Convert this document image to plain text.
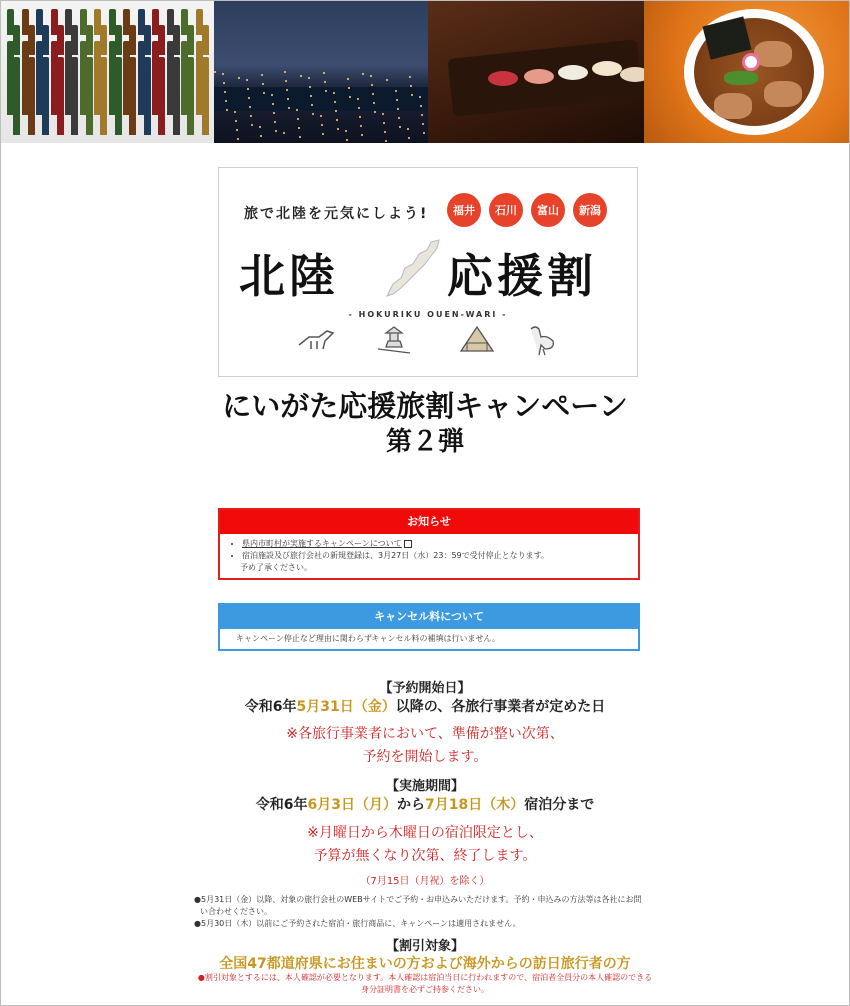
旅で北陸を元気にしよう!	福井	石川	富山	新潟
北陸 応援割
- HOKURIKU OUEN-WARI -
にいがた応援旅割キャンペーン
第２弾
お知らせ
• 県内市町村が実施するキャンペーンについて
• 宿泊施設及び旅行会社の新規登録は、3月27日（水）23：59で受付停止となります。
予め了承ください。
キャンセル料について
キャンペーン停止など理由に関わらずキャンセル料の補填は行いません。
【予約開始日】
令和6年5月31日（金）以降の、各旅行事業者が定めた日
※各旅行事業者において、準備が整い次第、
予約を開始します。
【実施期間】
令和6年6月3日（月）から7月18日（木）宿泊分まで
※月曜日から木曜日の宿泊限定とし、
予算が無くなり次第、終了します。
（7月15日（月祝）を除く）
●5月31日（金）以降、対象の旅行会社のWEBサイトでご予約・お申込みいただけます。予約・申込みの方法等は各社にお問
い合わせください。
●5月30日（木）以前にご予約された宿泊・旅行商品に、キャンペーンは適用されません。
【割引対象】
全国47都道府県にお住まいの方および海外からの訪日旅行者の方
●割引対象とするには、本人確認が必要となります。本人確認は宿泊当日に行われますので、宿泊者全員分の本人確認のできる
身分証明書を必ずご持参ください。
